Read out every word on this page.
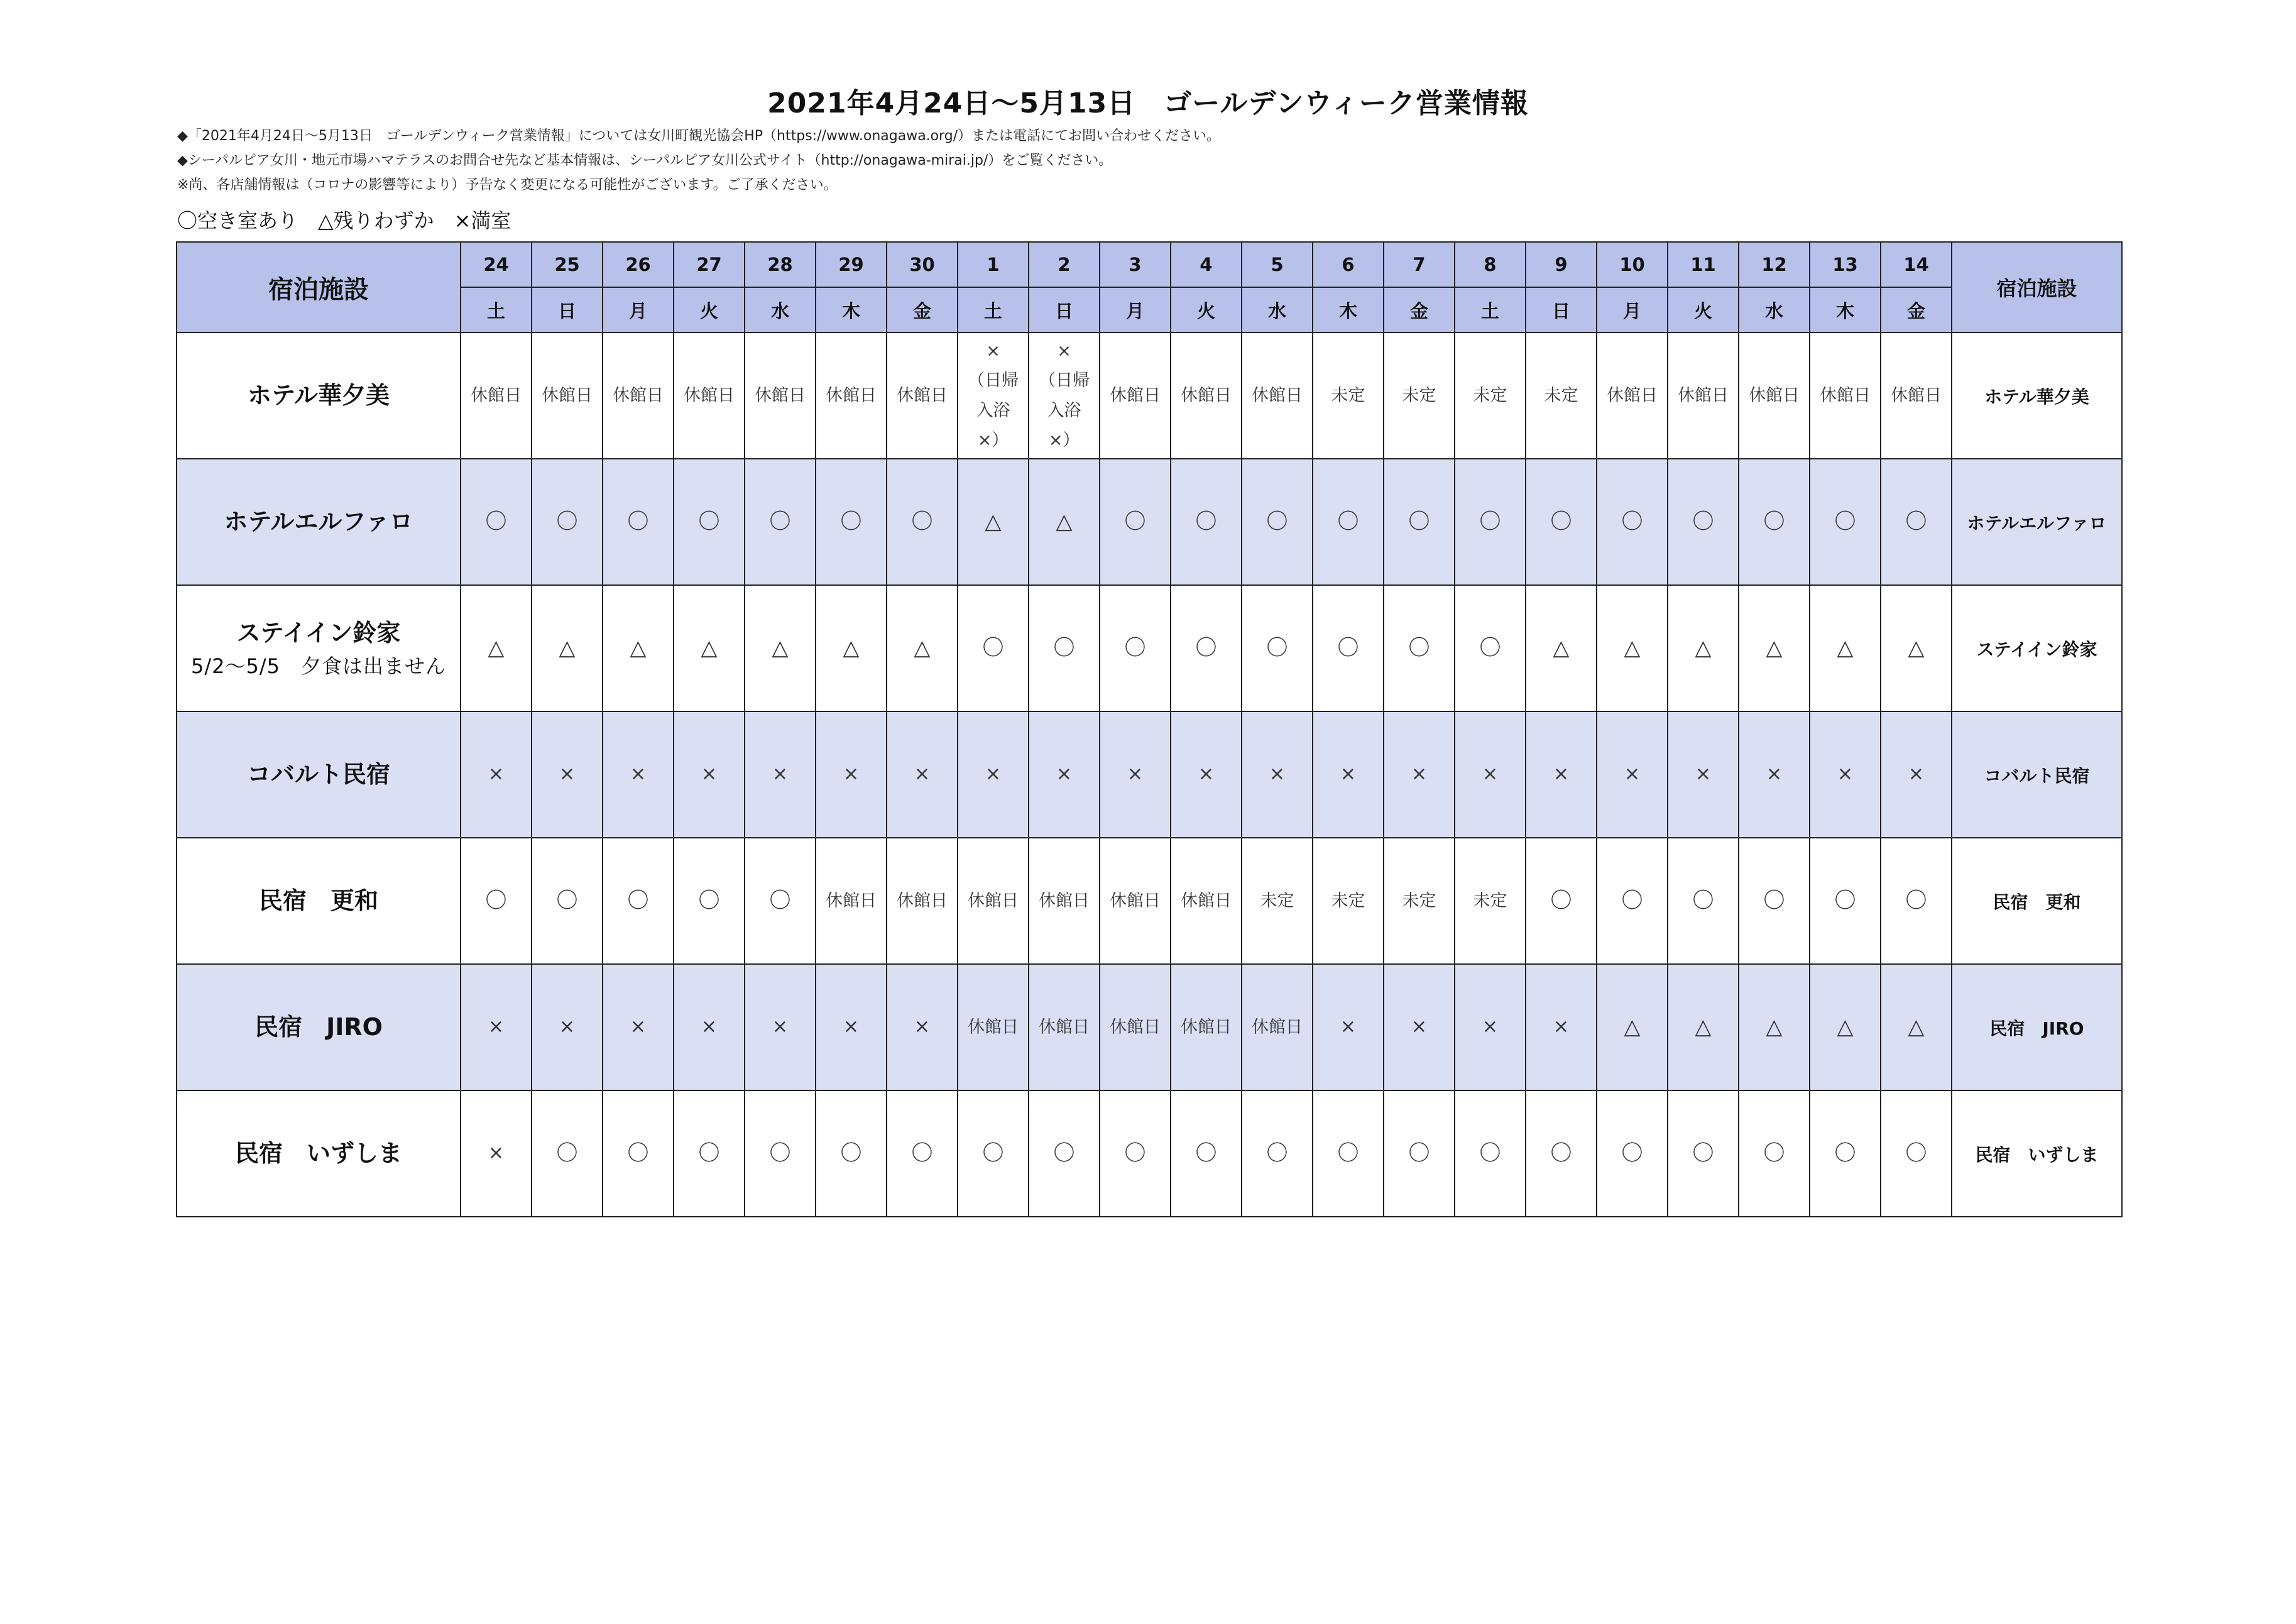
2021年4月24日～5月13日　ゴールデンウィーク営業情報
◆「2021年4月24日～5月13日　ゴールデンウィーク営業情報」については女川町観光協会HP（https://www.onagawa.org/）または電話にてお問い合わせください。
◆シーパルピア女川・地元市場ハマテラスのお問合せ先など基本情報は、シーパルピア女川公式サイト（http://onagawa-mirai.jp/）をご覧ください。
※尚、各店舗情報は（コロナの影響等により）予告なく変更になる可能性がございます。ご了承ください。
〇空き室あり　△残りわずか　×満室
宿泊施設	24	25	26	27	28	29	30	1	2	3	4	5	6	7	8	9	10	11	12	13	14	宿泊施設
	土	日	月	火	水	木	金	土	日	月	火	水	木	金	土	日	月	火	水	木	金	
ホテル華夕美	休館日	休館日	休館日	休館日	休館日	休館日	休館日	×
（日帰
入浴
×）	×
（日帰
入浴
×）	休館日	休館日	休館日	未定	未定	未定	未定	休館日	休館日	休館日	休館日	休館日	ホテル華夕美
ホテルエルファロ	〇	〇	〇	〇	〇	〇	〇	△	△	〇	〇	〇	〇	〇	〇	〇	〇	〇	〇	〇	〇	ホテルエルファロ
ステイイン鈴家
5/2～5/5　夕食は出ません	△	△	△	△	△	△	△	〇	〇	〇	〇	〇	〇	〇	〇	△	△	△	△	△	△	ステイイン鈴家
コバルト民宿	×	×	×	×	×	×	×	×	×	×	×	×	×	×	×	×	×	×	×	×	×	コバルト民宿
民宿　更和	〇	〇	〇	〇	〇	休館日	休館日	休館日	休館日	休館日	休館日	未定	未定	未定	未定	〇	〇	〇	〇	〇	〇	民宿　更和
民宿　JIRO	×	×	×	×	×	×	×	休館日	休館日	休館日	休館日	休館日	×	×	×	×	△	△	△	△	△	民宿　JIRO
民宿　いずしま	×	〇	〇	〇	〇	〇	〇	〇	〇	〇	〇	〇	〇	〇	〇	〇	〇	〇	〇	〇	〇	民宿　いずしま
